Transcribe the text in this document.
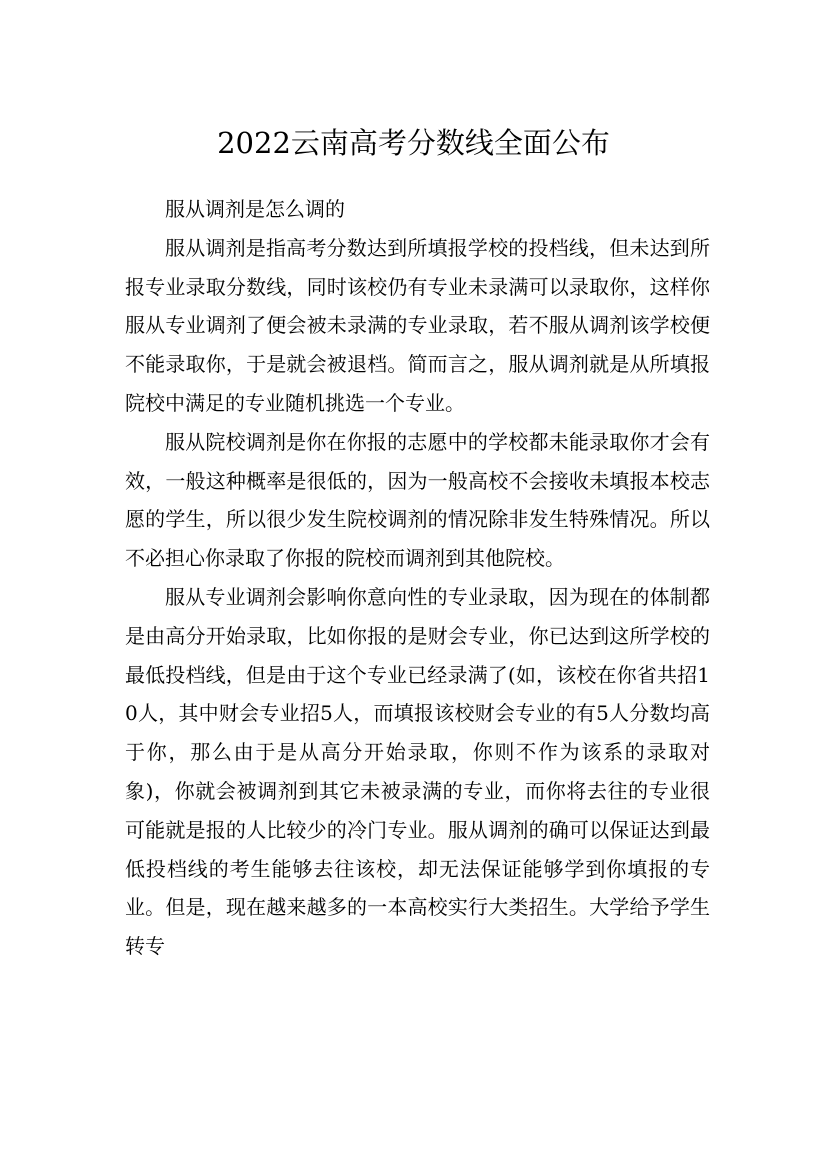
2022云南高考分数线全面公布

服从调剂是怎么调的

服从调剂是指高考分数达到所填报学校的投档线，但未达到所报专业录取分数线，同时该校仍有专业未录满可以录取你，这样你服从专业调剂了便会被未录满的专业录取，若不服从调剂该学校便不能录取你，于是就会被退档。简而言之，服从调剂就是从所填报院校中满足的专业随机挑选一个专业。

服从院校调剂是你在你报的志愿中的学校都未能录取你才会有效，一般这种概率是很低的，因为一般高校不会接收未填报本校志愿的学生，所以很少发生院校调剂的情况除非发生特殊情况。所以不必担心你录取了你报的院校而调剂到其他院校。

服从专业调剂会影响你意向性的专业录取，因为现在的体制都是由高分开始录取，比如你报的是财会专业，你已达到这所学校的最低投档线，但是由于这个专业已经录满了(如，该校在你省共招10人，其中财会专业招5人，而填报该校财会专业的有5人分数均高于你，那么由于是从高分开始录取，你则不作为该系的录取对象)，你就会被调剂到其它未被录满的专业，而你将去往的专业很可能就是报的人比较少的冷门专业。服从调剂的确可以保证达到最低投档线的考生能够去往该校，却无法保证能够学到你填报的专业。但是，现在越来越多的一本高校实行大类招生。大学给予学生转专
